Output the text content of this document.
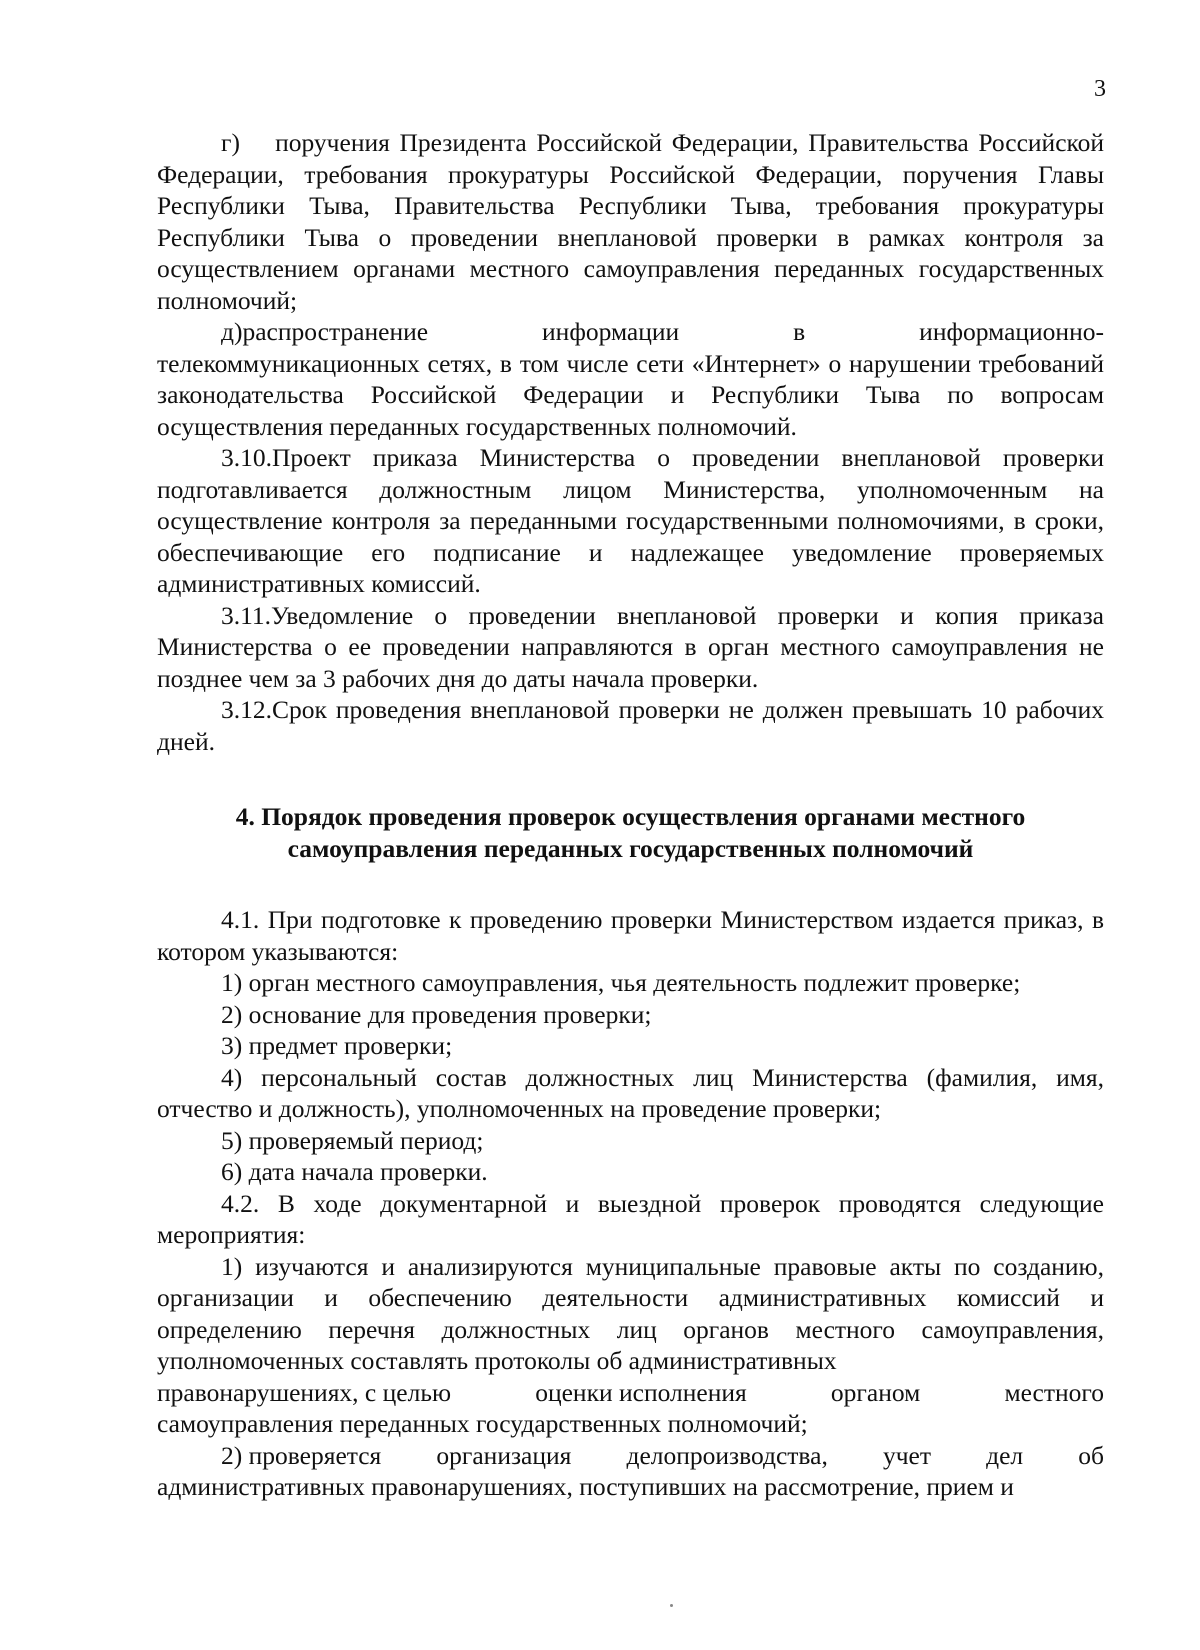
3

г)  поручения Президента Российской Федерации, Правительства Российской Федерации, требования прокуратуры Российской Федерации, поручения Главы Республики Тыва, Правительства Республики Тыва, требования прокуратуры Республики Тыва о проведении внеплановой проверки в рамках контроля за осуществлением органами местного самоуправления переданных государственных полномочий;

д)распространение	информации	в	информационно-

телекоммуникационных сетях, в том числе сети «Интернет» о нарушении требований законодательства Российской Федерации и Республики Тыва по вопросам осуществления переданных государственных полномочий.

3.10.Проект приказа Министерства о проведении внеплановой проверки подготавливается должностным лицом Министерства, уполномоченным на осуществление контроля за переданными государственными полномочиями, в сроки, обеспечивающие его подписание и надлежащее уведомление проверяемых административных комиссий.

3.11.Уведомление о проведении внеплановой проверки и копия приказа Министерства о ее проведении направляются в орган местного самоуправления не позднее чем за 3 рабочих дня до даты начала проверки.

3.12.Срок проведения внеплановой проверки не должен превышать 10 рабочих дней.

4. Порядок проведения проверок осуществления органами местного
самоуправления переданных государственных полномочий

4.1. При подготовке к проведению проверки Министерством издается приказ, в котором указываются:

1) орган местного самоуправления, чья деятельность подлежит проверке;

2) основание для проведения проверки;

3) предмет проверки;

4) персональный состав должностных лиц Министерства (фамилия, имя, отчество и должность), уполномоченных на проведение проверки;

5) проверяемый период;

6) дата начала проверки.

4.2. В ходе документарной и выездной проверок проводятся следующие мероприятия:

1) изучаются и анализируются муниципальные правовые акты по созданию, организации и обеспечению деятельности административных комиссий и определению перечня должностных лиц органов местного самоуправления, уполномоченных составлять протоколы об административных

правонарушениях, с целью	оценки исполнения	органом	местного

самоуправления переданных государственных полномочий;

2) проверяется организация делопроизводства, учет дел об

административных правонарушениях, поступивших на рассмотрение, прием и
